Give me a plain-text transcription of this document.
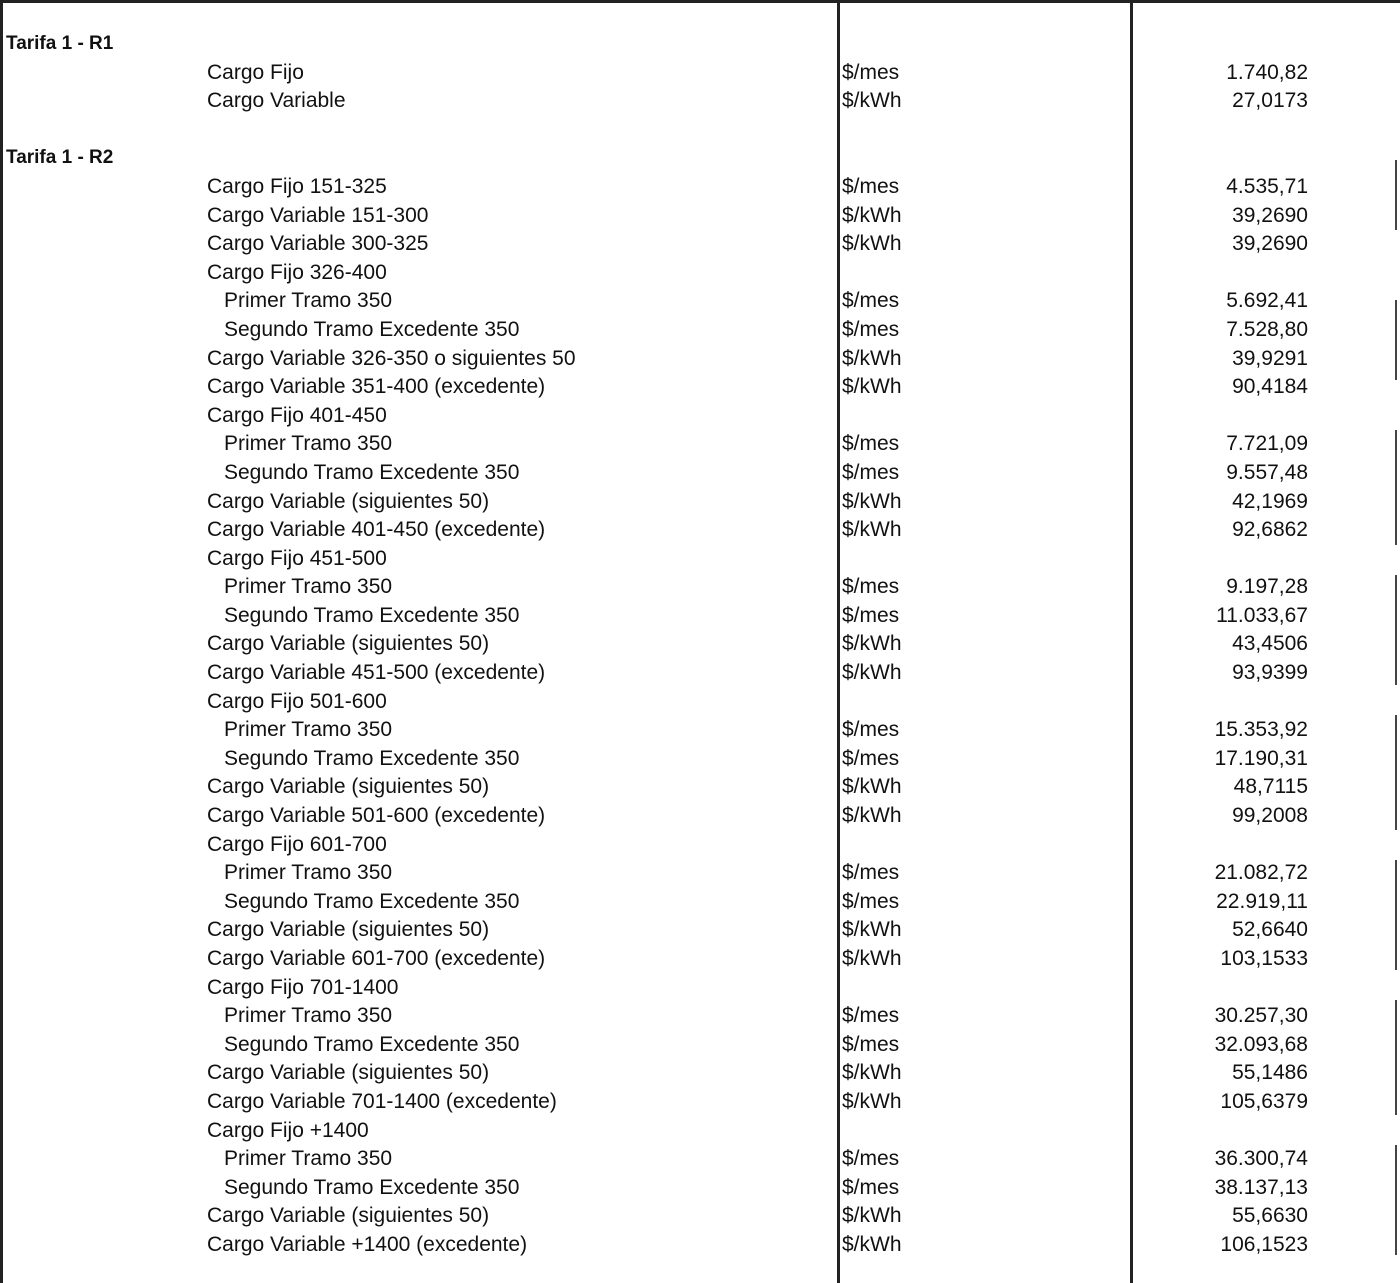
Tarifa 1 - R1
Cargo Fijo	$/mes	1.740,82
Cargo Variable	$/kWh	27,0173
Tarifa 1 - R2
Cargo Fijo 151-325	$/mes	4.535,71
Cargo Variable 151-300	$/kWh	39,2690
Cargo Variable 300-325	$/kWh	39,2690
Cargo Fijo 326-400
Primer Tramo 350	$/mes	5.692,41
Segundo Tramo Excedente 350	$/mes	7.528,80
Cargo Variable 326-350 o siguientes 50	$/kWh	39,9291
Cargo Variable 351-400 (excedente)	$/kWh	90,4184
Cargo Fijo 401-450
Primer Tramo 350	$/mes	7.721,09
Segundo Tramo Excedente 350	$/mes	9.557,48
Cargo Variable (siguientes 50)	$/kWh	42,1969
Cargo Variable 401-450 (excedente)	$/kWh	92,6862
Cargo Fijo 451-500
Primer Tramo 350	$/mes	9.197,28
Segundo Tramo Excedente 350	$/mes	11.033,67
Cargo Variable (siguientes 50)	$/kWh	43,4506
Cargo Variable 451-500 (excedente)	$/kWh	93,9399
Cargo Fijo 501-600
Primer Tramo 350	$/mes	15.353,92
Segundo Tramo Excedente 350	$/mes	17.190,31
Cargo Variable (siguientes 50)	$/kWh	48,7115
Cargo Variable 501-600 (excedente)	$/kWh	99,2008
Cargo Fijo 601-700
Primer Tramo 350	$/mes	21.082,72
Segundo Tramo Excedente 350	$/mes	22.919,11
Cargo Variable (siguientes 50)	$/kWh	52,6640
Cargo Variable 601-700 (excedente)	$/kWh	103,1533
Cargo Fijo 701-1400
Primer Tramo 350	$/mes	30.257,30
Segundo Tramo Excedente 350	$/mes	32.093,68
Cargo Variable (siguientes 50)	$/kWh	55,1486
Cargo Variable 701-1400 (excedente)	$/kWh	105,6379
Cargo Fijo +1400
Primer Tramo 350	$/mes	36.300,74
Segundo Tramo Excedente 350	$/mes	38.137,13
Cargo Variable (siguientes 50)	$/kWh	55,6630
Cargo Variable +1400 (excedente)	$/kWh	106,1523
